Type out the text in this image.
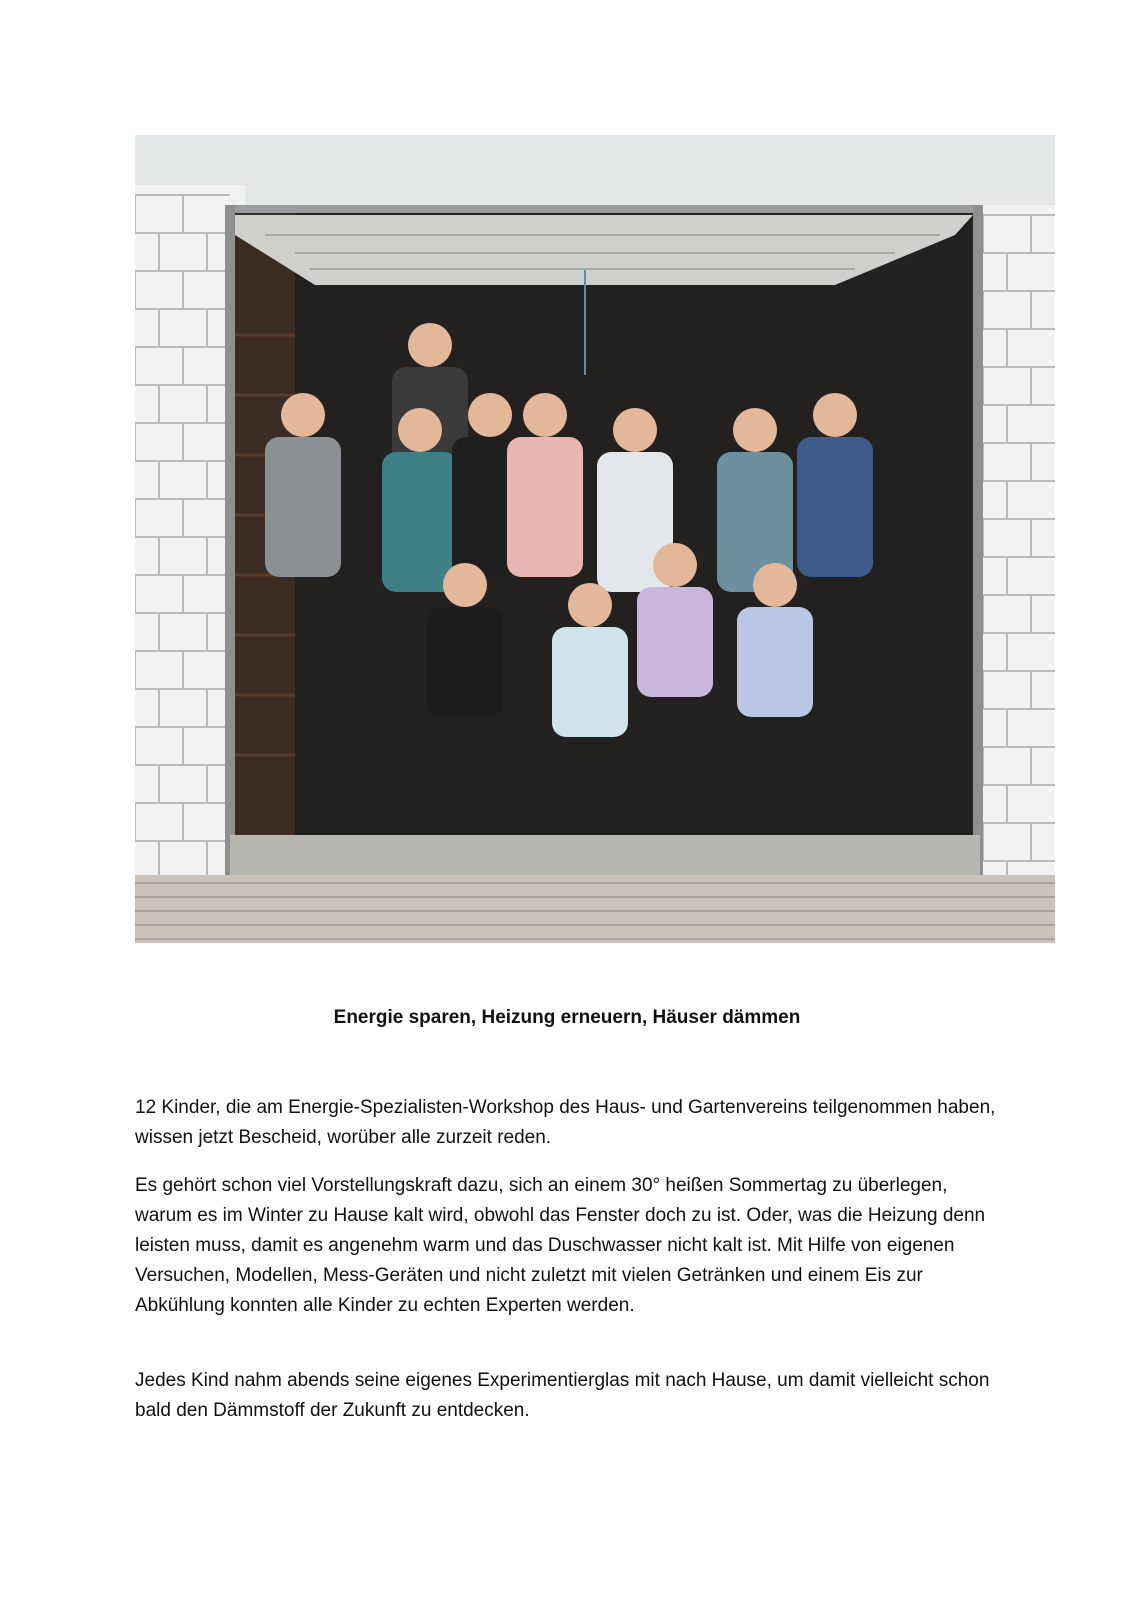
Energie sparen, Heizung erneuern, Häuser dämmen

12 Kinder, die am Energie-Spezialisten-Workshop des Haus- und Gartenvereins teilgenommen haben, wissen jetzt Bescheid, worüber alle zurzeit reden.

Es gehört schon viel Vorstellungskraft dazu, sich an einem 30° heißen Sommertag zu überlegen, warum es im Winter zu Hause kalt wird, obwohl das Fenster doch zu ist. Oder, was die Heizung denn leisten muss, damit es angenehm warm und das Duschwasser nicht kalt ist. Mit Hilfe von eigenen Versuchen, Modellen, Mess-Geräten und nicht zuletzt mit vielen Getränken und einem Eis zur Abkühlung konnten alle Kinder zu echten Experten werden.

Jedes Kind nahm abends seine eigenes Experimentierglas mit nach Hause, um damit vielleicht schon bald den Dämmstoff der Zukunft zu entdecken.
